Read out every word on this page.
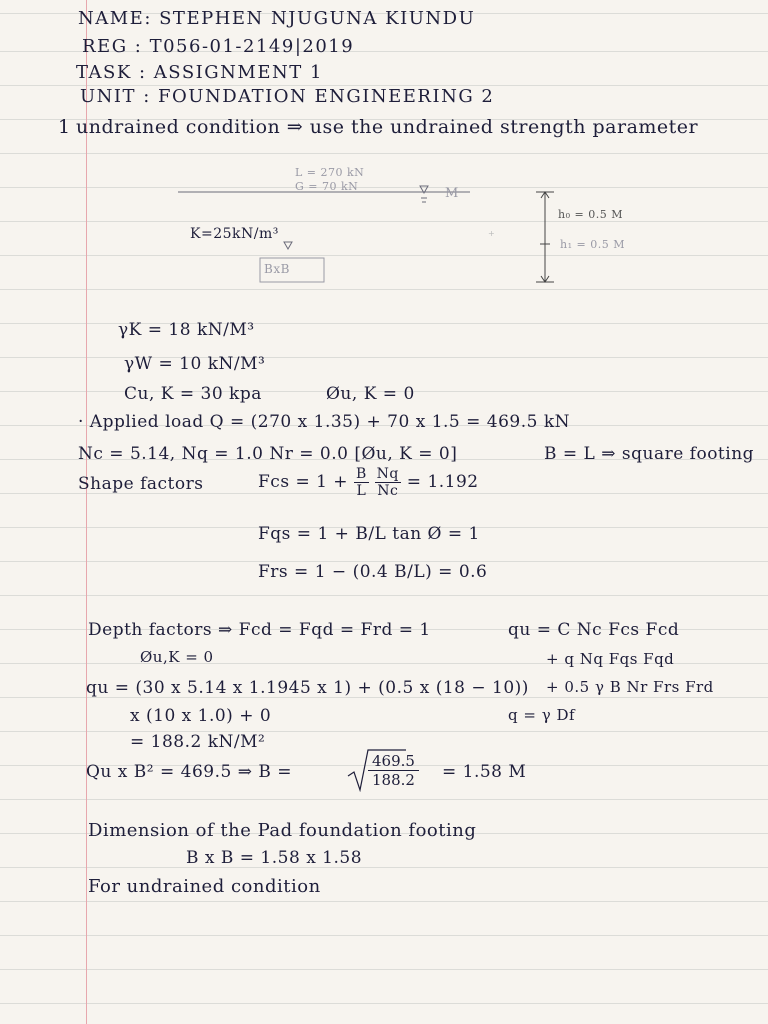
NAME: STEPHEN NJUGUNA KIUNDU
REG : T056-01-2149|2019
TASK : ASSIGNMENT 1
UNIT : FOUNDATION ENGINEERING 2
1 undrained condition ⇒ use the undrained strength parameter
+
L = 270 kN
G = 70 kN	M
K=25kN/m³
BxB
h₀ = 0.5 M
h₁ = 0.5 M
γK = 18 kN/M³
γW = 10 kN/M³
Cu, K = 30 kpa	Øu, K = 0
· Applied load Q = (270 x 1.35) + 70 x 1.5 = 469.5 kN
Nc = 5.14, Nq = 1.0 Nr = 0.0 [Øu, K = 0]	B = L ⇒ square footing
Shape factors	Fcs = $1 + \frac{B}{L}$
$\frac{Nq}{Nc} = 1.192$
Fqs = 1 + B/L tan Ø = 1
Frs = 1 − (0.4 B/L) = 0.6
Depth factors ⇒ Fcd = Fqd = Frd = 1	qu = C Nc Fcs Fcd
+ q Nq Fqs Fqd
+ 0.5 γ B Nr Frs Frd
q = γ Df
Øu,K = 0
qu = (30 x 5.14 x 1.1945 x 1) + (0.5 x (18 − 10))
x (10 x 1.0) + 0
= 188.2 kN/M²
Qu x B² = 469.5 ⇒ B =	$\frac{469.5}{188.2} = 1.58$ M
Dimension of the Pad foundation footing
B x B = 1.58 x 1.58
For undrained condition
